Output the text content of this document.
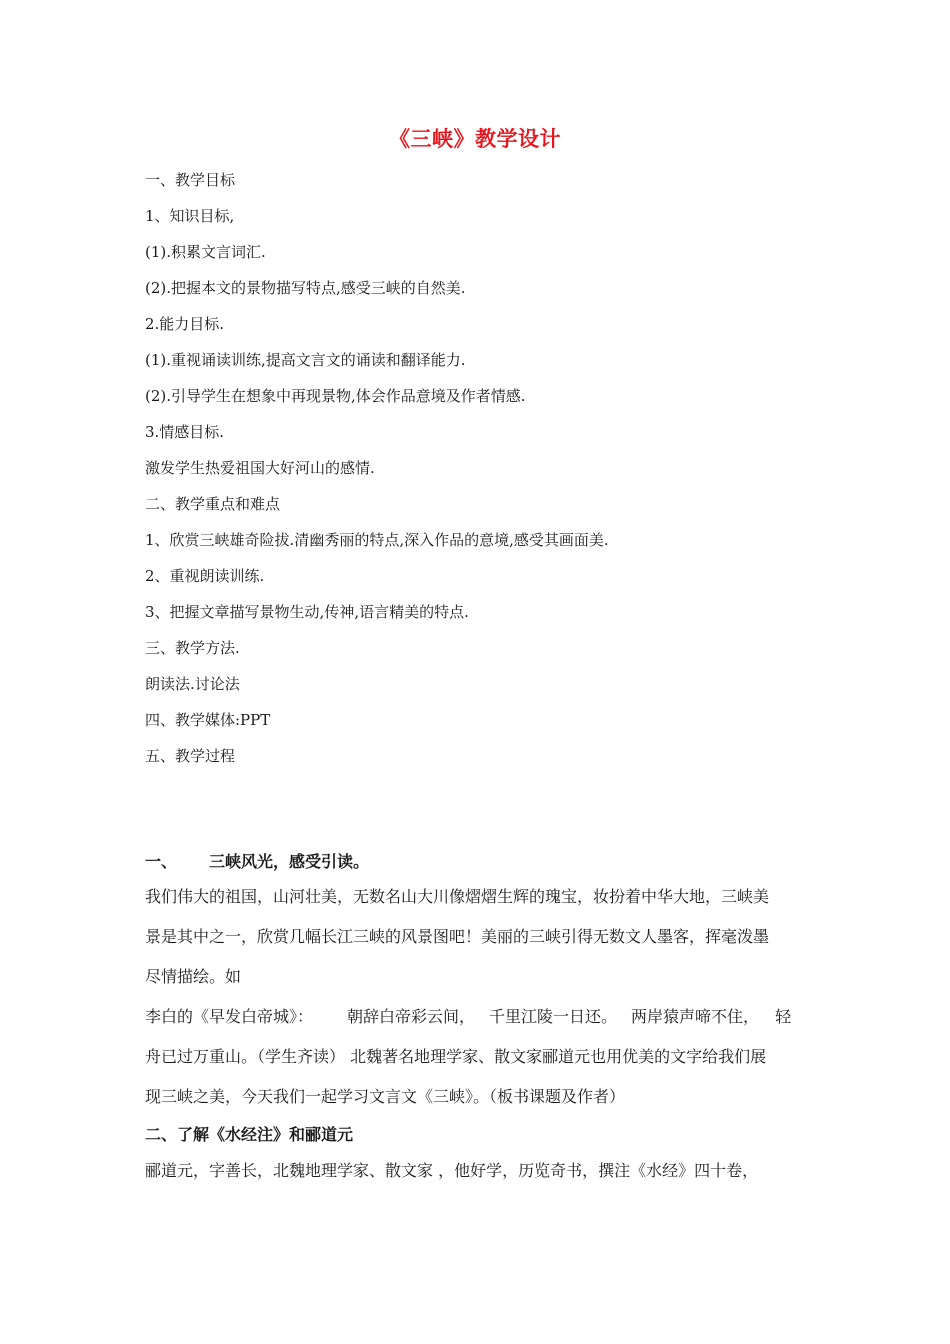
《三峡》教学设计
一、教学目标
1、知识目标,
(1).积累文言词汇.
(2).把握本文的景物描写特点,感受三峡的自然美.
2.能力目标.
(1).重视诵读训练,提高文言文的诵读和翻译能力.
(2).引导学生在想象中再现景物,体会作品意境及作者情感.
3.情感目标.
激发学生热爱祖国大好河山的感情.
二、教学重点和难点
1、欣赏三峡雄奇险拔.清幽秀丽的特点,深入作品的意境,感受其画面美.
2、重视朗读训练.
3、把握文章描写景物生动,传神,语言精美的特点.
三、教学方法.
朗读法.讨论法
四、教学媒体:PPT
五、教学过程
一、 三峡风光，感受引读。
我们伟大的祖国，山河壮美，无数名山大川像熠熠生辉的瑰宝，妆扮着中华大地，三峡美
景是其中之一，欣赏几幅长江三峡的风景图吧！美丽的三峡引得无数文人墨客，挥毫泼墨
尽情描绘。如
李白的《早发白帝城》： 朝辞白帝彩云间， 千里江陵一日还。 两岸猿声啼不住， 轻
舟已过万重山。（学生齐读） 北魏著名地理学家、散文家郦道元也用优美的文字给我们展
现三峡之美，今天我们一起学习文言文《三峡》。（板书课题及作者）
二、了解《水经注》和郦道元
郦道元，字善长，北魏地理学家、散文家 ，他好学，历览奇书，撰注《水经》四十卷，
